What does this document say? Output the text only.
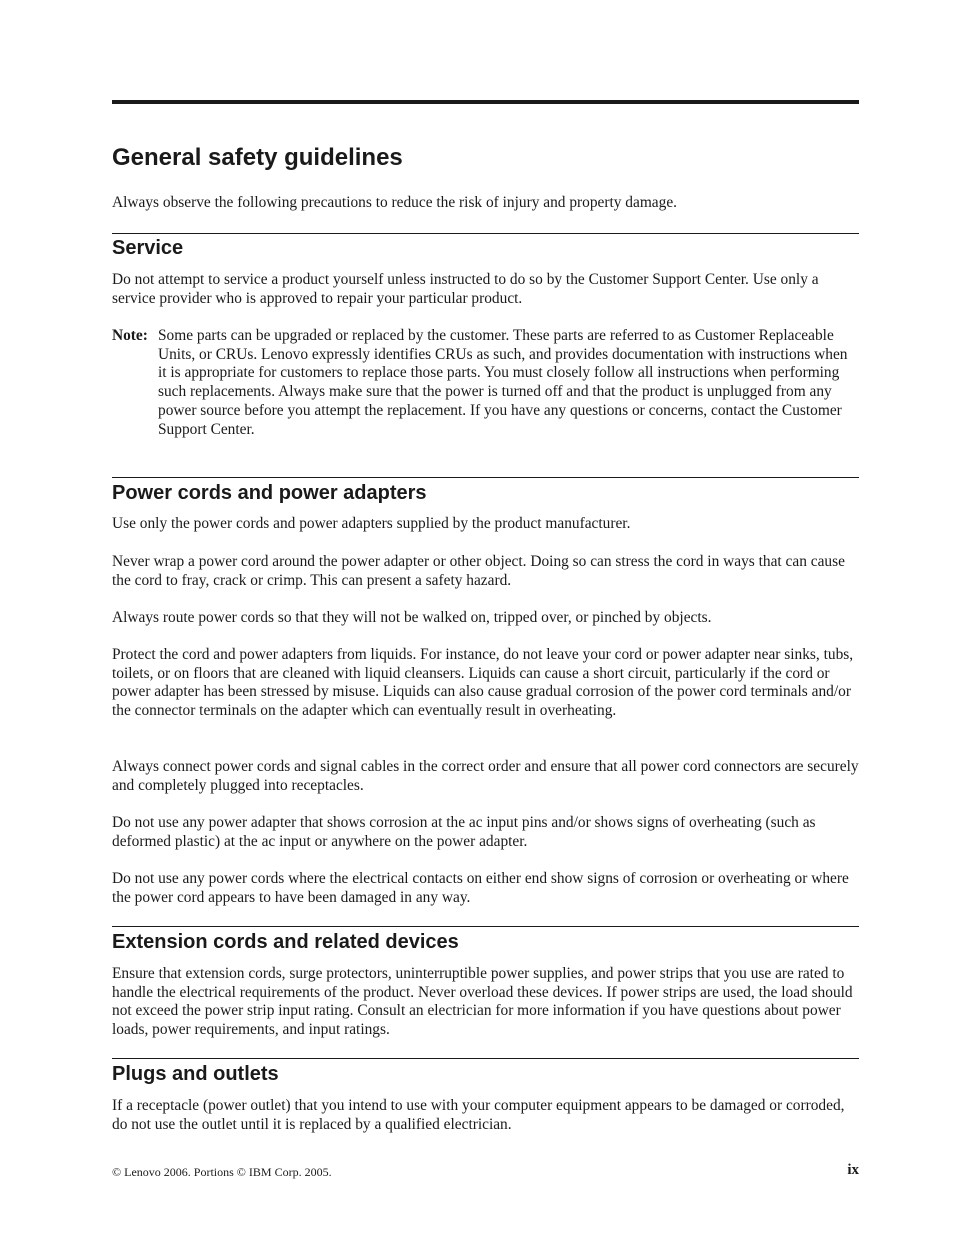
General safety guidelines

Always observe the following precautions to reduce the risk of injury and property damage.

Service

Do not attempt to service a product yourself unless instructed to do so by the Customer Support Center. Use only a service provider who is approved to repair your particular product.

Note: Some parts can be upgraded or replaced by the customer. These parts are referred to as Customer Replaceable Units, or CRUs. Lenovo expressly identifies CRUs as such, and provides documentation with instructions when it is appropriate for customers to replace those parts. You must closely follow all instructions when performing such replacements. Always make sure that the power is turned off and that the product is unplugged from any power source before you attempt the replacement. If you have any questions or concerns, contact the Customer Support Center.
Power cords and power adapters

Use only the power cords and power adapters supplied by the product manufacturer.

Never wrap a power cord around the power adapter or other object. Doing so can stress the cord in ways that can cause the cord to fray, crack or crimp. This can present a safety hazard.

Always route power cords so that they will not be walked on, tripped over, or pinched by objects.

Protect the cord and power adapters from liquids. For instance, do not leave your cord or power adapter near sinks, tubs, toilets, or on floors that are cleaned with liquid cleansers. Liquids can cause a short circuit, particularly if the cord or power adapter has been stressed by misuse. Liquids can also cause gradual corrosion of the power cord terminals and/or the connector terminals on the adapter which can eventually result in overheating.

Always connect power cords and signal cables in the correct order and ensure that all power cord connectors are securely and completely plugged into receptacles.

Do not use any power adapter that shows corrosion at the ac input pins and/or shows signs of overheating (such as deformed plastic) at the ac input or anywhere on the power adapter.

Do not use any power cords where the electrical contacts on either end show signs of corrosion or overheating or where the power cord appears to have been damaged in any way.

Extension cords and related devices

Ensure that extension cords, surge protectors, uninterruptible power supplies, and power strips that you use are rated to handle the electrical requirements of the product. Never overload these devices. If power strips are used, the load should not exceed the power strip input rating. Consult an electrician for more information if you have questions about power loads, power requirements, and input ratings.

Plugs and outlets

If a receptacle (power outlet) that you intend to use with your computer equipment appears to be damaged or corroded, do not use the outlet until it is replaced by a qualified electrician.

© Lenovo 2006. Portions © IBM Corp. 2005.	ix
